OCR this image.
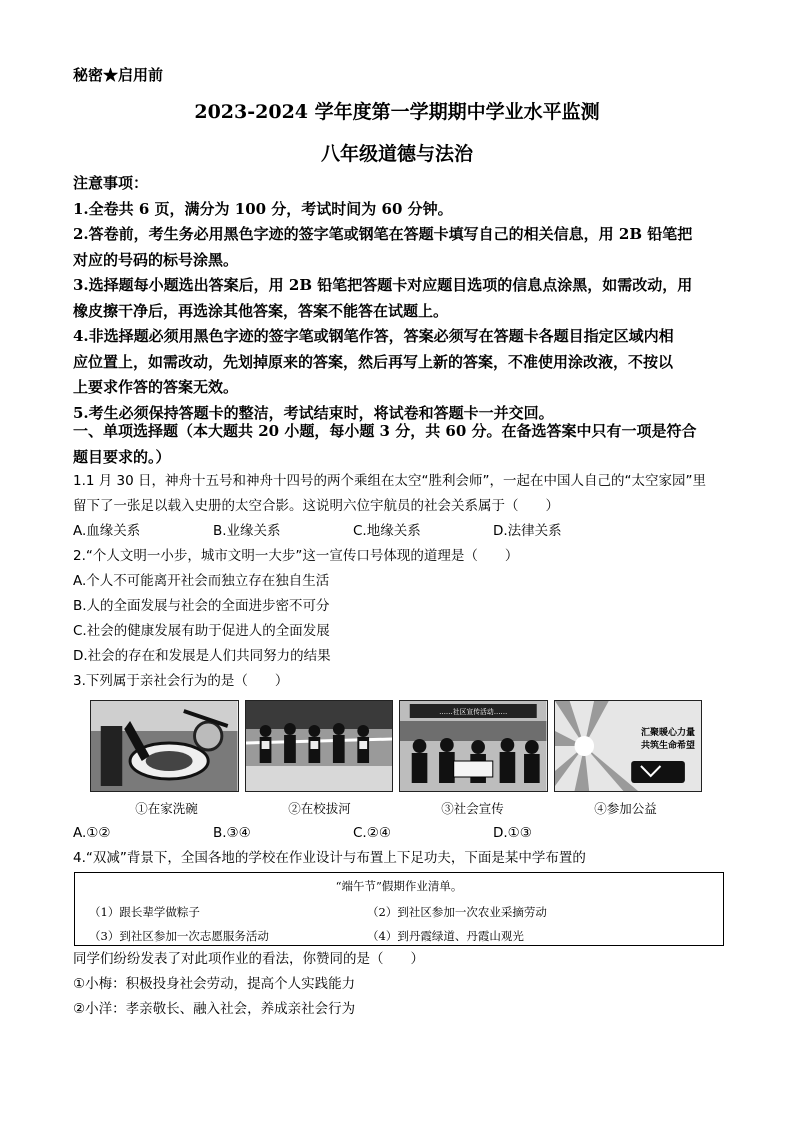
秘密★启用前
2023-2024 学年度第一学期期中学业水平监测
八年级道德与法治

注意事项：

1.全卷共 6 页，满分为 100 分，考试时间为 60 分钟。

2.答卷前，考生务必用黑色字迹的签字笔或钢笔在答题卡填写自己的相关信息，用 2B 铅笔把

对应的号码的标号涂黑。

3.选择题每小题选出答案后，用 2B 铅笔把答题卡对应题目选项的信息点涂黑，如需改动，用

橡皮擦干净后，再选涂其他答案，答案不能答在试题上。

4.非选择题必须用黑色字迹的签字笔或钢笔作答，答案必须写在答题卡各题目指定区域内相

应位置上，如需改动，先划掉原来的答案，然后再写上新的答案，不准使用涂改液，不按以

上要求作答的答案无效。

5.考生必须保持答题卡的整洁，考试结束时，将试卷和答题卡一并交回。

一、单项选择题（本大题共 20 小题，每小题 3 分，共 60 分。在备选答案中只有一项是符合
题目要求的。）

1.1 月 30 日，神舟十五号和神舟十四号的两个乘组在太空“胜利会师”，一起在中国人自己的“太空家园”里

留下了一张足以载入史册的太空合影。这说明六位宇航员的社会关系属于（　　）

A.血缘关系	B.业缘关系	C.地缘关系	D.法律关系

2.“个人文明一小步，城市文明一大步”这一宣传口号体现的道理是（　　）

A.个人不可能离开社会而独立存在独自生活

B.人的全面发展与社会的全面进步密不可分

C.社会的健康发展有助于促进人的全面发展

D.社会的存在和发展是人们共同努力的结果

3.下列属于亲社会行为的是（　　）

……社区宣传活动……
汇聚暖心力量
共筑生命希望
①在家洗碗	②在校拔河	③社会宣传	④参加公益
A.①②	B.③④	C.②④	D.①③

4.“双减”背景下，全国各地的学校在作业设计与布置上下足功夫，下面是某中学布置的

“端午节”假期作业清单。
（1）跟长辈学做粽子	（2）到社区参加一次农业采摘劳动
（3）到社区参加一次志愿服务活动	（4）到丹霞绿道、丹霞山观光

同学们纷纷发表了对此项作业的看法，你赞同的是（　　）

①小梅：积极投身社会劳动，提高个人实践能力

②小洋：孝亲敬长、融入社会，养成亲社会行为
